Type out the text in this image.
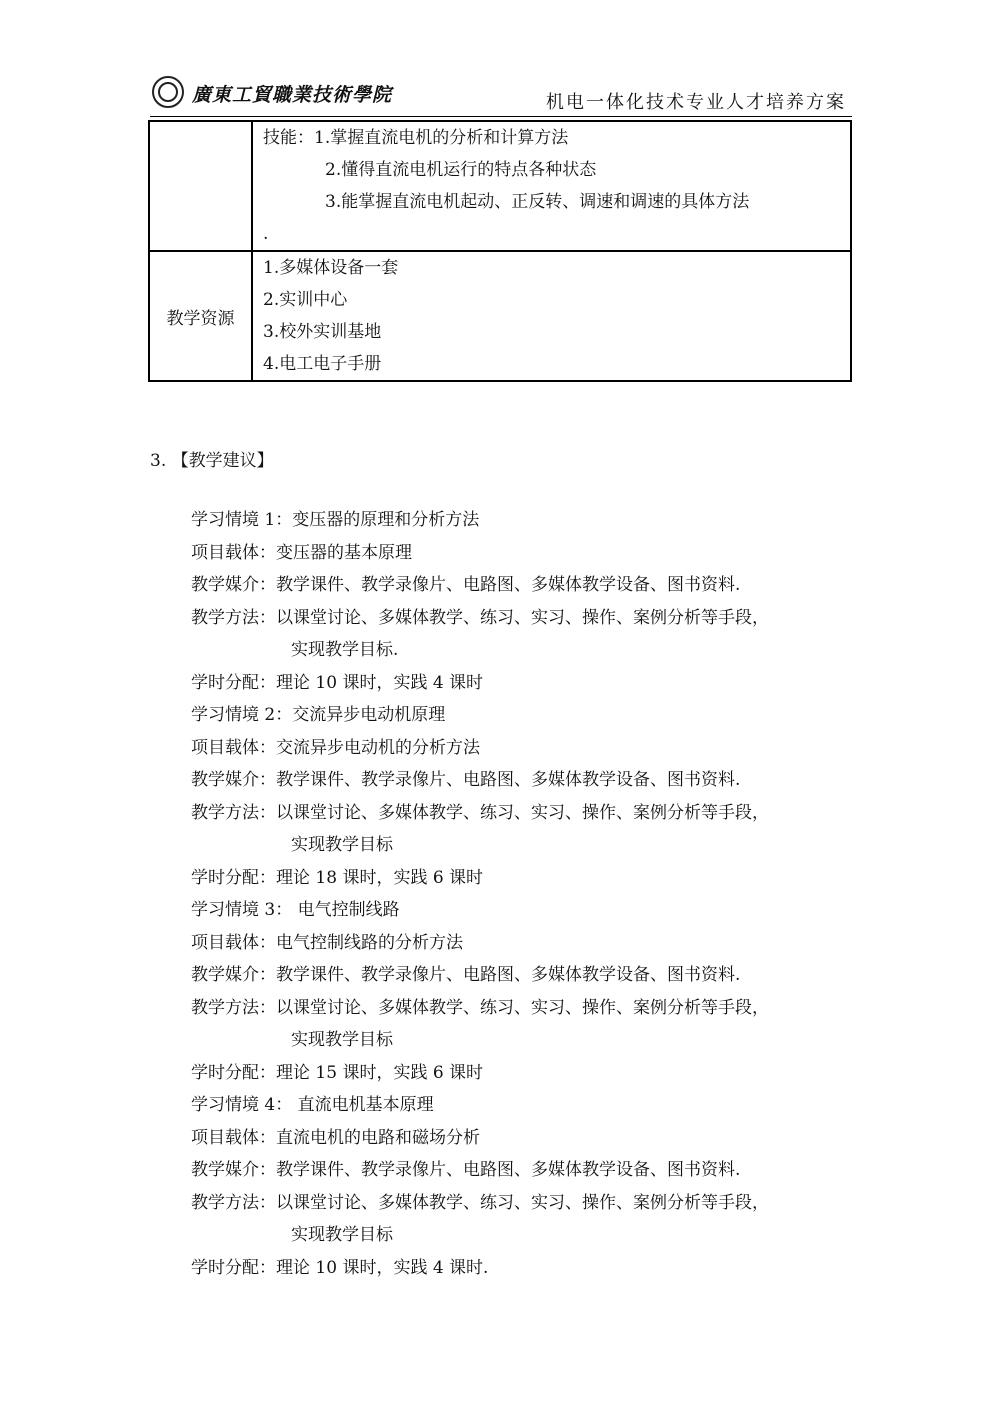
廣東工貿職業技術學院	机电一体化技术专业人才培养方案

	技能：1.掌握直流电机的分析和计算方法
2.懂得直流电机运行的特点各种状态
3.能掌握直流电机起动、正反转、调速和调速的具体方法
.

教学资源	1.多媒体设备一套
2.实训中心
3.校外实训基地
4.电工电子手册
3. 【教学建议】
学习情境 1：变压器的原理和分析方法
项目载体：变压器的基本原理
教学媒介：教学课件、教学录像片、电路图、多媒体教学设备、图书资料.
教学方法：以课堂讨论、多媒体教学、练习、实习、操作、案例分析等手段，
实现教学目标.
学时分配：理论 10 课时，实践 4 课时
学习情境 2：交流异步电动机原理
项目载体：交流异步电动机的分析方法
教学媒介：教学课件、教学录像片、电路图、多媒体教学设备、图书资料.
教学方法：以课堂讨论、多媒体教学、练习、实习、操作、案例分析等手段，
实现教学目标
学时分配：理论 18 课时，实践 6 课时
学习情境 3： 电气控制线路
项目载体：电气控制线路的分析方法
教学媒介：教学课件、教学录像片、电路图、多媒体教学设备、图书资料.
教学方法：以课堂讨论、多媒体教学、练习、实习、操作、案例分析等手段，
实现教学目标
学时分配：理论 15 课时，实践 6 课时
学习情境 4： 直流电机基本原理
项目载体：直流电机的电路和磁场分析
教学媒介：教学课件、教学录像片、电路图、多媒体教学设备、图书资料.
教学方法：以课堂讨论、多媒体教学、练习、实习、操作、案例分析等手段，
实现教学目标
学时分配：理论 10 课时，实践 4 课时.
